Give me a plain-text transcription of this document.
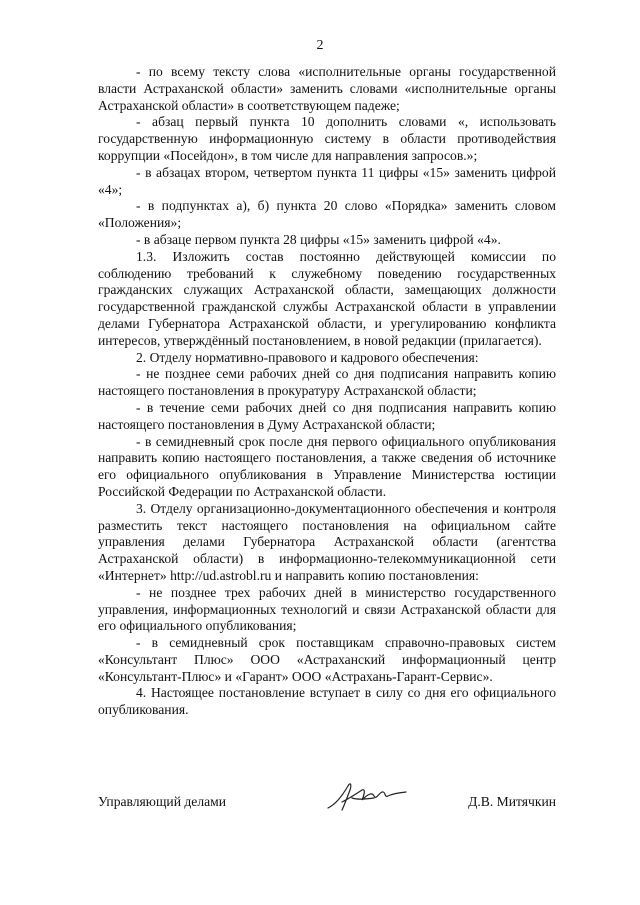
2

- по всему тексту слова «исполнительные органы государственной власти Астраханской области» заменить словами «исполнительные органы Астраханской области» в соответствующем падеже;

- абзац первый пункта 10 дополнить словами «, использовать государственную информационную систему в области противодействия коррупции «Посейдон», в том числе для направления запросов.»;

- в абзацах втором, четвертом пункта 11 цифры «15» заменить цифрой «4»;

- в подпунктах а), б) пункта 20 слово «Порядка» заменить словом «Положения»;

- в абзаце первом пункта 28 цифры «15» заменить цифрой «4».

1.3. Изложить состав постоянно действующей комиссии по соблюдению требований к служебному поведению государственных гражданских служащих Астраханской области, замещающих должности государственной гражданской службы Астраханской области в управлении делами Губернатора Астраханской области, и урегулированию конфликта интересов, утверждённый постановлением, в новой редакции (прилагается).

2. Отделу нормативно-правового и кадрового обеспечения:

- не позднее семи рабочих дней со дня подписания направить копию настоящего постановления в прокуратуру Астраханской области;

- в течение семи рабочих дней со дня подписания направить копию настоящего постановления в Думу Астраханской области;

- в семидневный срок после дня первого официального опубликования направить копию настоящего постановления, а также сведения об источнике его официального опубликования в Управление Министерства юстиции Российской Федерации по Астраханской области.

3. Отделу организационно-документационного обеспечения и контроля разместить текст настоящего постановления на официальном сайте управления делами Губернатора Астраханской области (агентства Астраханской области) в информационно-телекоммуникационной сети «Интернет» http://ud.astrobl.ru и направить копию постановления:

- не позднее трех рабочих дней в министерство государственного управления, информационных технологий и связи Астраханской области для его официального опубликования;

- в семидневный срок поставщикам справочно-правовых систем «Консультант Плюс» ООО «Астраханский информационный центр «Консультант-Плюс» и «Гарант» ООО «Астрахань-Гарант-Сервис».

4. Настоящее постановление вступает в силу со дня его официального опубликования.

Управляющий делами	Д.В. Митячкин
